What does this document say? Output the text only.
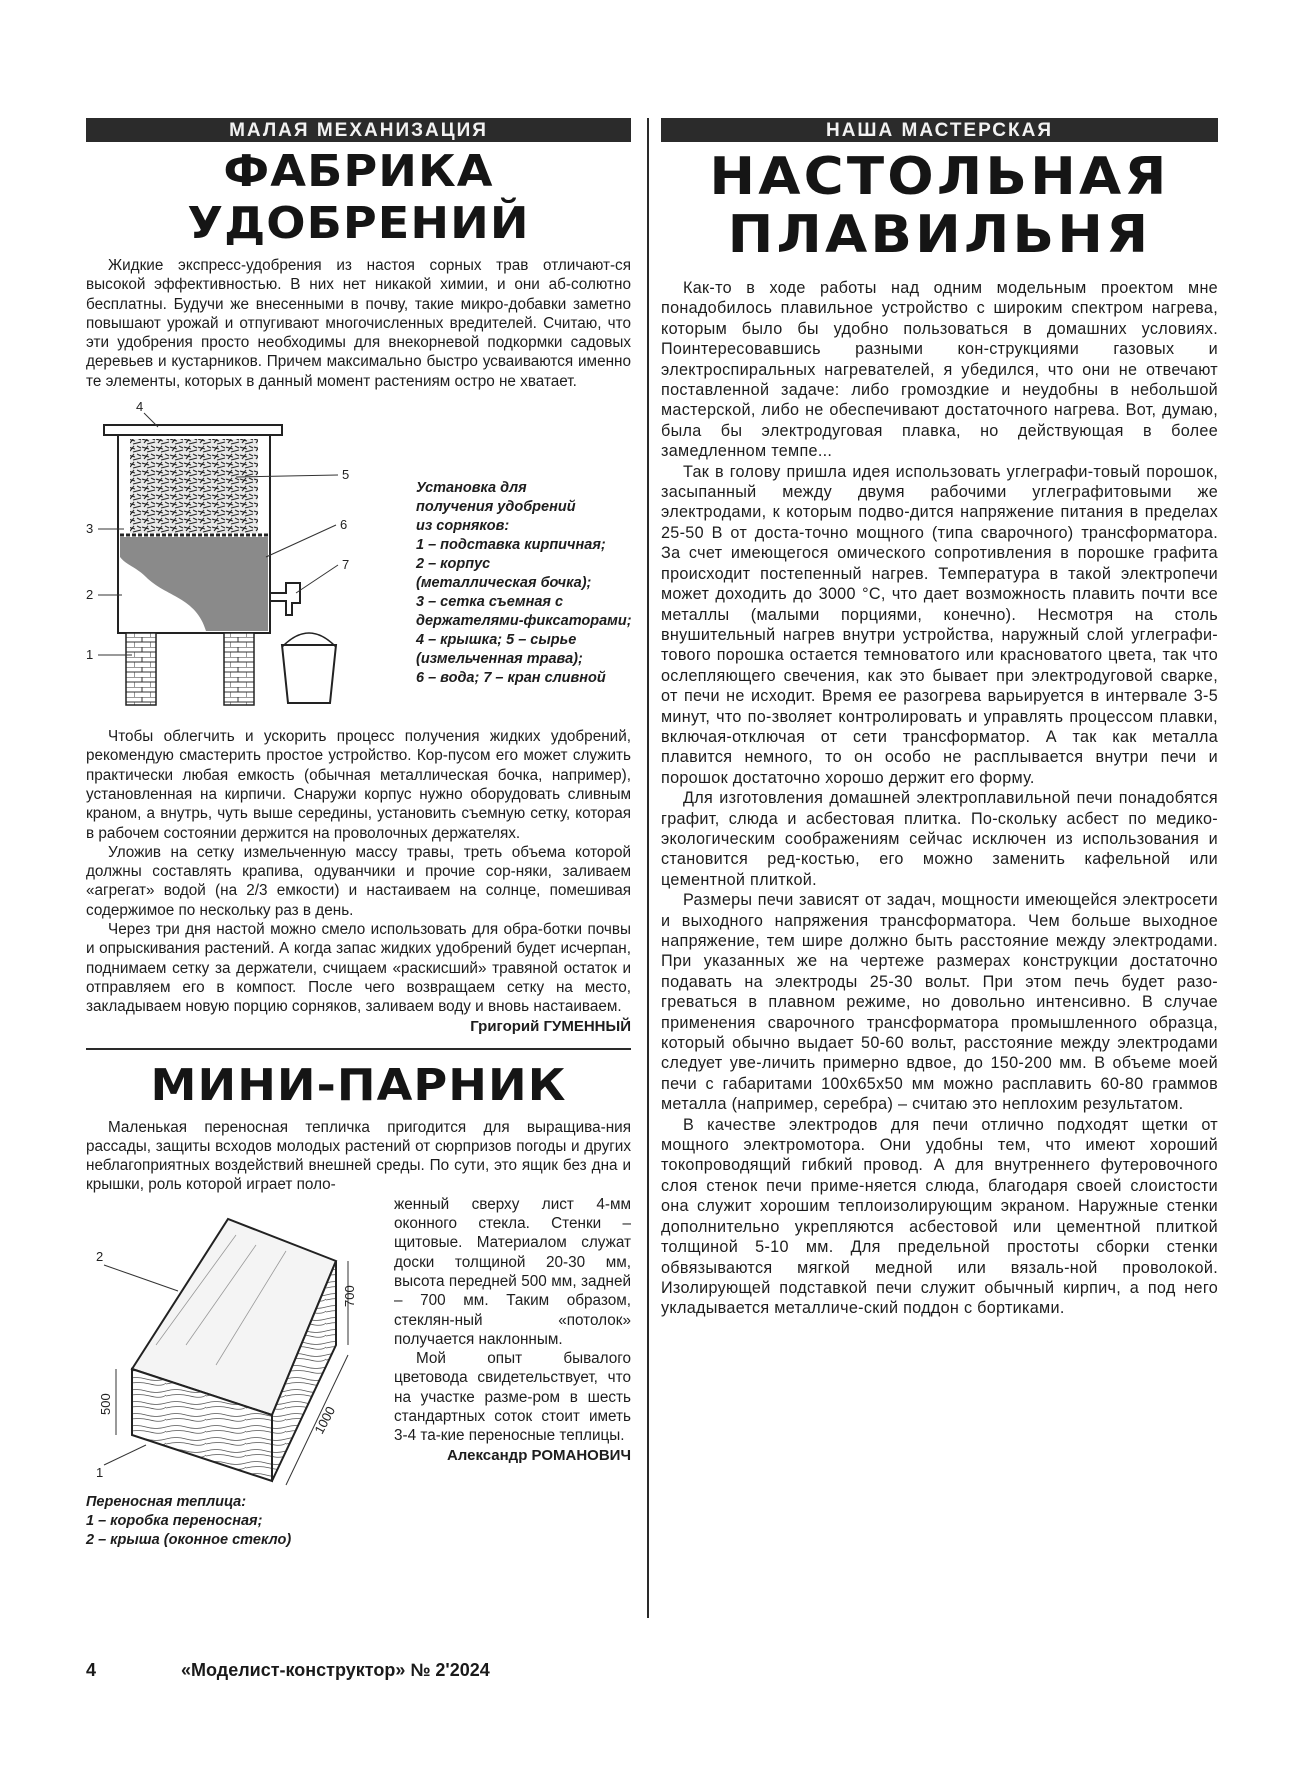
МАЛАЯ МЕХАНИЗАЦИЯ
ФАБРИКА УДОБРЕНИЙ

Жидкие экспресс-удобрения из настоя сорных трав отличают-ся высокой эффективностью. В них нет никакой химии, и они аб-солютно бесплатны. Будучи же внесенными в почву, такие микро-добавки заметно повышают урожай и отпугивают многочисленных вредителей. Считаю, что эти удобрения просто необходимы для внекорневой подкормки садовых деревьев и кустарников. Причем максимально быстро усваиваются именно те элементы, которых в данный момент растениям остро не хватает.

4
5
6
7
3
2
1
Установка для
получения удобрений
из сорняков:
1 – подставка кирпичная;
2 – корпус
(металлическая бочка);
3 – сетка съемная с
держателями-фиксаторами;
4 – крышка; 5 – сырье
(измельченная трава);
6 – вода; 7 – кран сливной

Чтобы облегчить и ускорить процесс получения жидких удобрений, рекомендую смастерить простое устройство. Кор-пусом его может служить практически любая емкость (обычная металлическая бочка, например), установленная на кирпичи. Снаружи корпус нужно оборудовать сливным краном, а внутрь, чуть выше середины, установить съемную сетку, которая в рабочем состоянии держится на проволочных держателях.

Уложив на сетку измельченную массу травы, треть объема которой должны составлять крапива, одуванчики и прочие сор-няки, заливаем «агрегат» водой (на 2/3 емкости) и настаиваем на солнце, помешивая содержимое по нескольку раз в день.

Через три дня настой можно смело использовать для обра-ботки почвы и опрыскивания растений. А когда запас жидких удобрений будет исчерпан, поднимаем сетку за держатели, счищаем «раскисший» травяной остаток и отправляем его в компост. После чего возвращаем сетку на место, закладываем новую порцию сорняков, заливаем воду и вновь настаиваем.

Григорий ГУМЕННЫЙ
МИНИ-ПАРНИК

Маленькая переносная тепличка пригодится для выращива-ния рассады, защиты всходов молодых растений от сюрпризов погоды и других неблагоприятных воздействий внешней среды. По сути, это ящик без дна и крышки, роль которой играет поло-

700
500	1000
2
1
Переносная теплица:
1 – коробка переносная;
2 – крыша (оконное стекло)

женный сверху лист 4-мм оконного стекла. Стенки – щитовые. Материалом служат доски толщиной 20-30 мм, высота передней 500 мм, задней – 700 мм. Таким образом, стеклян-ный «потолок» получается наклонным.

Мой опыт бывалого цветовода свидетельствует, что на участке разме-ром в шесть стандартных соток стоит иметь 3-4 та-кие переносные теплицы.

Александр РОМАНОВИЧ
НАША МАСТЕРСКАЯ
НАСТОЛЬНАЯ
ПЛАВИЛЬНЯ

Как-то в ходе работы над одним модельным проектом мне понадобилось плавильное устройство с широким спектром нагрева, которым было бы удобно пользоваться в домашних условиях. Поинтересовавшись разными кон-струкциями газовых и электроспиральных нагревателей, я убедился, что они не отвечают поставленной задаче: либо громоздкие и неудобны в небольшой мастерской, либо не обеспечивают достаточного нагрева. Вот, думаю, была бы электродуговая плавка, но действующая в более замедленном темпе...

Так в голову пришла идея использовать углеграфи-товый порошок, засыпанный между двумя рабочими углеграфитовыми же электродами, к которым подво-дится напряжение питания в пределах 25-50 В от доста-точно мощного (типа сварочного) трансформатора. За счет имеющегося омического сопротивления в порошке графита происходит постепенный нагрев. Температура в такой электропечи может доходить до 3000 °С, что дает возможность плавить почти все металлы (малыми порциями, конечно). Несмотря на столь внушительный нагрев внутри устройства, наружный слой углеграфи-тового порошка остается темноватого или красноватого цвета, так что ослепляющего свечения, как это бывает при электродуговой сварке, от печи не исходит. Время ее разогрева варьируется в интервале 3-5 минут, что по-зволяет контролировать и управлять процессом плавки, включая-отключая от сети трансформатор. А так как металла плавится немного, то он особо не расплывается внутри печи и порошок достаточно хорошо держит его форму.

Для изготовления домашней электроплавильной печи понадобятся графит, слюда и асбестовая плитка. По-скольку асбест по медико-экологическим соображениям сейчас исключен из использования и становится ред-костью, его можно заменить кафельной или цементной плиткой.

Размеры печи зависят от задач, мощности имеющейся электросети и выходного напряжения трансформатора. Чем больше выходное напряжение, тем шире должно быть расстояние между электродами. При указанных же на чертеже размерах конструкции достаточно подавать на электроды 25-30 вольт. При этом печь будет разо-греваться в плавном режиме, но довольно интенсивно. В случае применения сварочного трансформатора промышленного образца, который обычно выдает 50-60 вольт, расстояние между электродами следует уве-личить примерно вдвое, до 150-200 мм. В объеме моей печи с габаритами 100х65х50 мм можно расплавить 60-80 граммов металла (например, серебра) – считаю это неплохим результатом.

В качестве электродов для печи отлично подходят щетки от мощного электромотора. Они удобны тем, что имеют хороший токопроводящий гибкий провод. А для внутреннего футеровочного слоя стенок печи приме-няется слюда, благодаря своей слоистости она служит хорошим теплоизолирующим экраном. Наружные стенки дополнительно укрепляются асбестовой или цементной плиткой толщиной 5-10 мм. Для предельной простоты сборки стенки обвязываются мягкой медной или вязаль-ной проволокой. Изолирующей подставкой печи служит обычный кирпич, а под него укладывается металличе-ский поддон с бортиками.

4	«Моделист-конструктор» № 2'2024
